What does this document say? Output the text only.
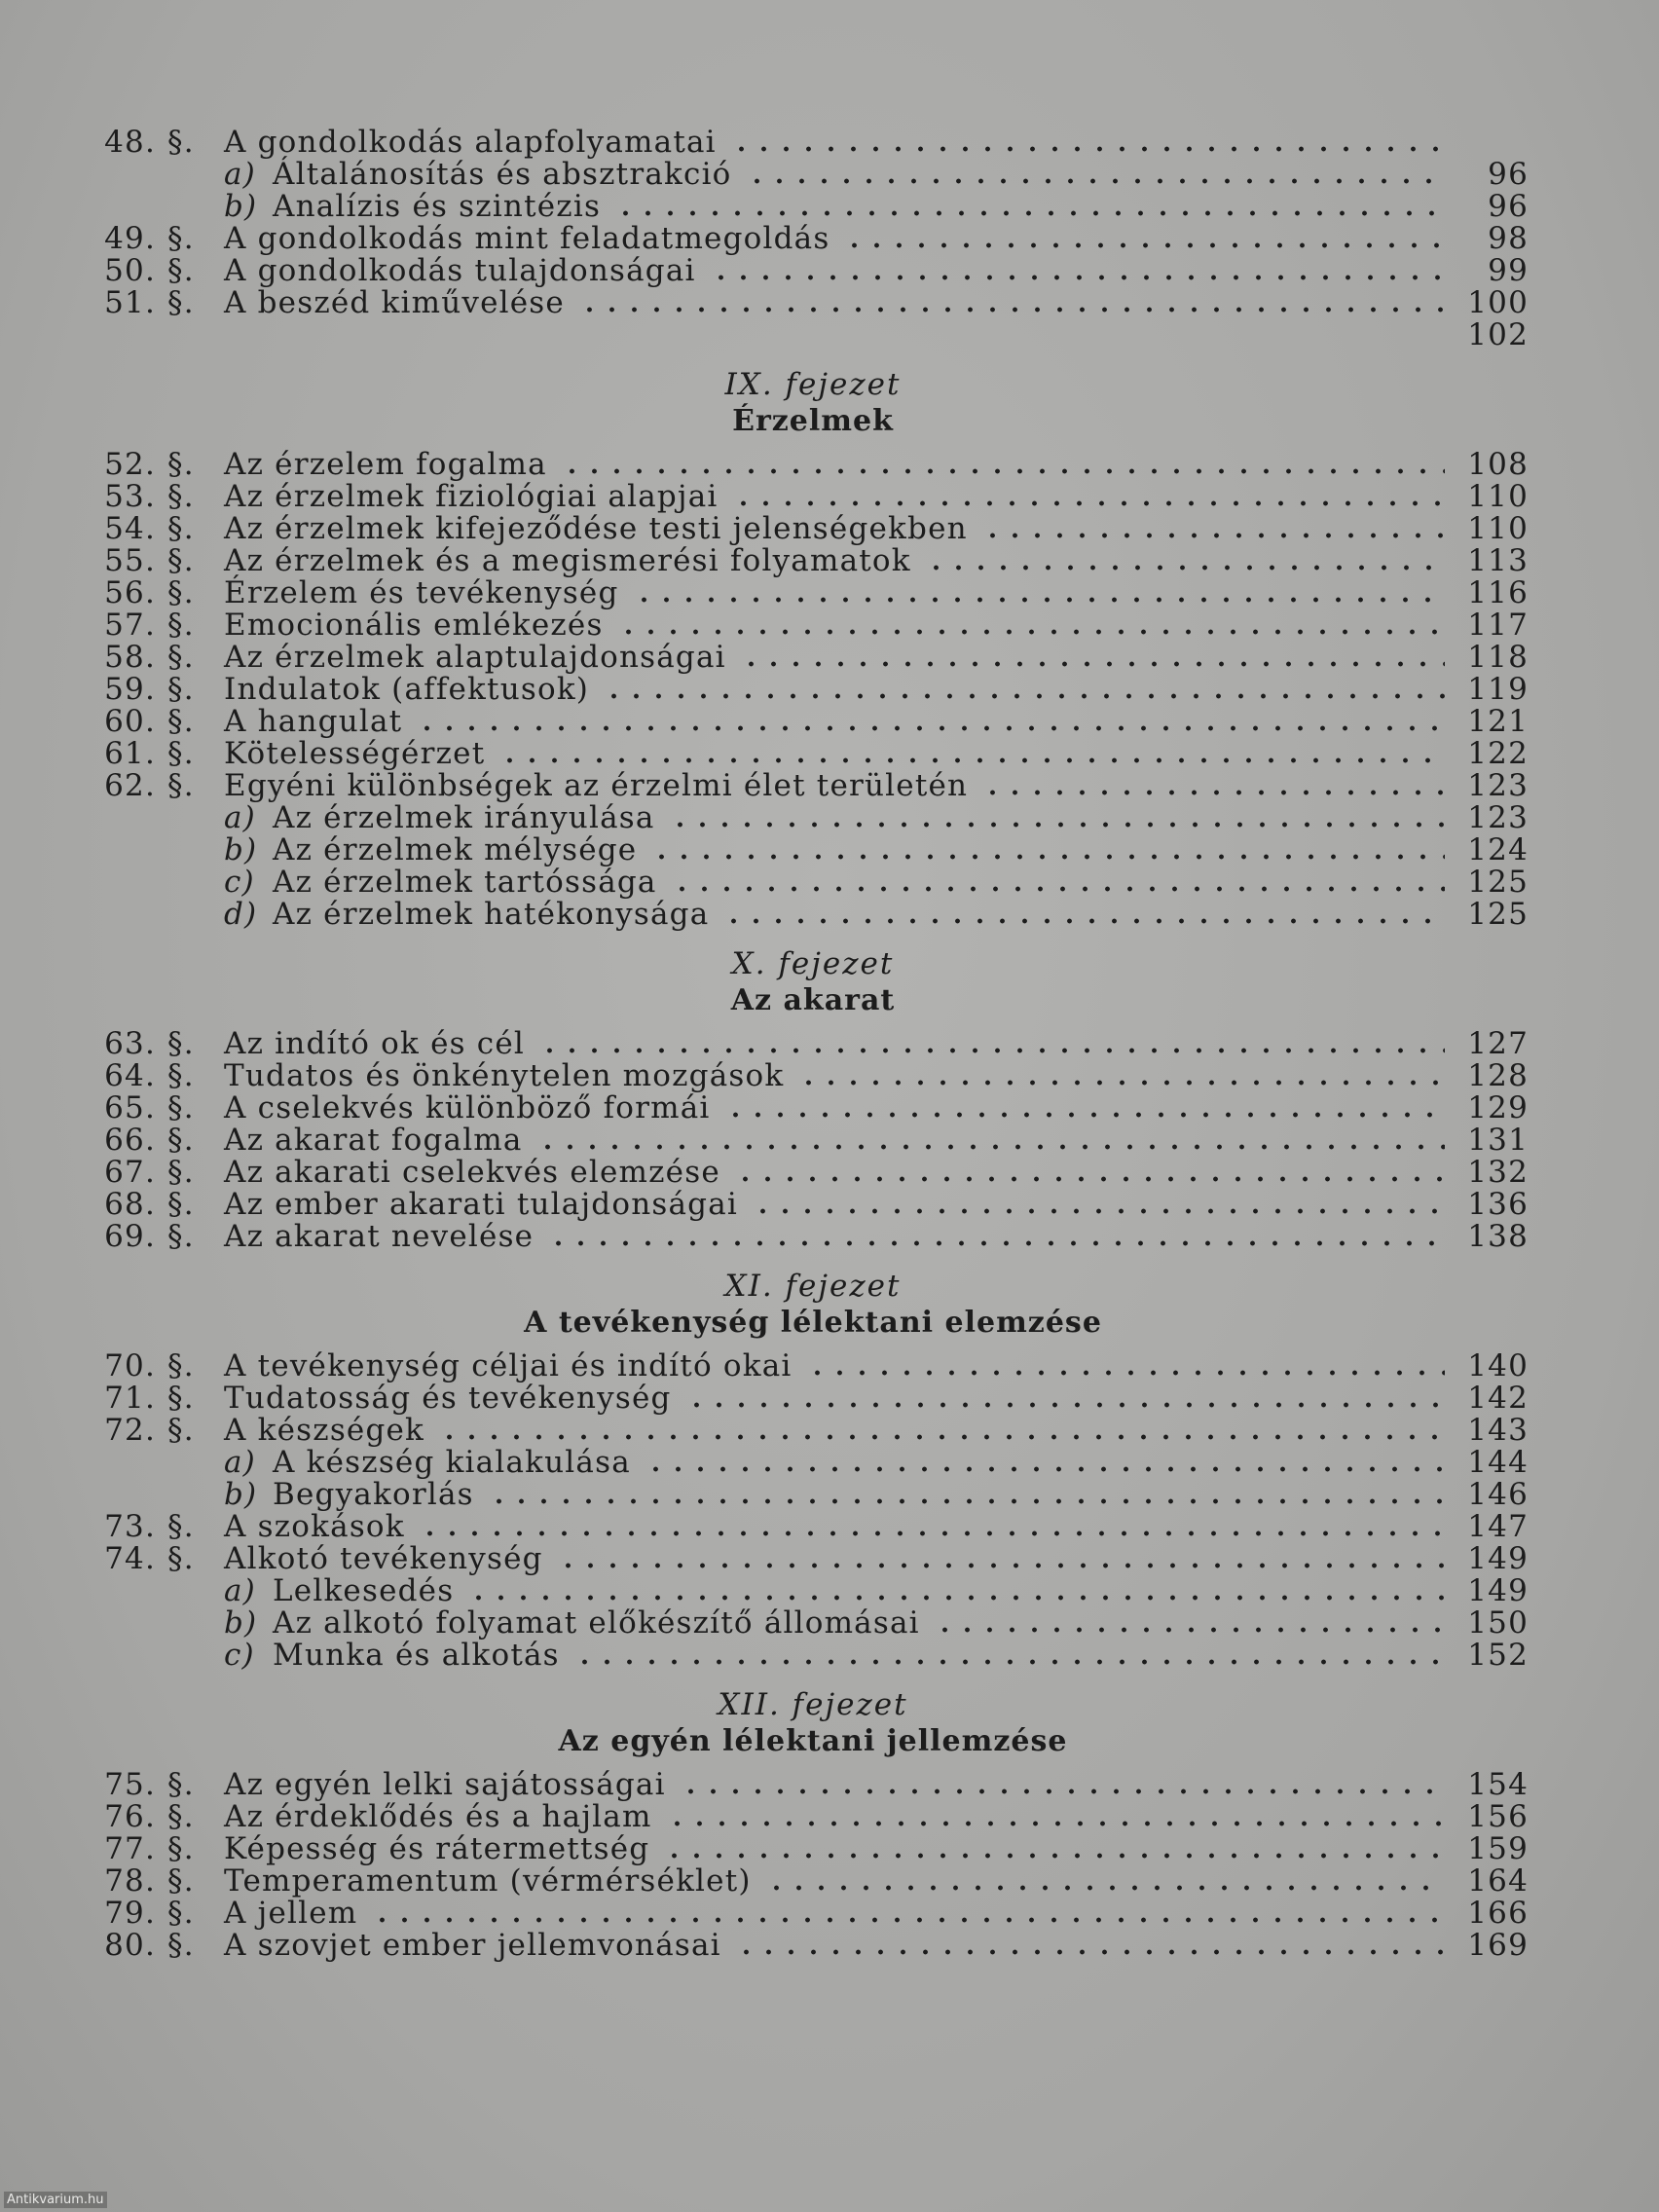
48. §. A gondolkodás alapfolyamatai
a) Általánosítás és absztrakció	96
b) Analízis és szintézis	96
49. §. A gondolkodás mint feladatmegoldás	98
50. §. A gondolkodás tulajdonságai	99
51. §. A beszéd kiművelése	100
102
IX. fejezet
Érzelmek
52. §. Az érzelem fogalma	108
53. §. Az érzelmek fiziológiai alapjai	110
54. §. Az érzelmek kifejeződése testi jelenségekben	110
55. §. Az érzelmek és a megismerési folyamatok	113
56. §. Érzelem és tevékenység	116
57. §. Emocionális emlékezés	117
58. §. Az érzelmek alaptulajdonságai	118
59. §. Indulatok (affektusok)	119
60. §. A hangulat	121
61. §. Kötelességérzet	122
62. §. Egyéni különbségek az érzelmi élet területén	123
a) Az érzelmek irányulása	123
b) Az érzelmek mélysége	124
c) Az érzelmek tartóssága	125
d) Az érzelmek hatékonysága	125
X. fejezet
Az akarat
63. §. Az indító ok és cél	127
64. §. Tudatos és önkénytelen mozgások	128
65. §. A cselekvés különböző formái	129
66. §. Az akarat fogalma	131
67. §. Az akarati cselekvés elemzése	132
68. §. Az ember akarati tulajdonságai	136
69. §. Az akarat nevelése	138
XI. fejezet
A tevékenység lélektani elemzése
70. §. A tevékenység céljai és indító okai	140
71. §. Tudatosság és tevékenység	142
72. §. A készségek	143
a) A készség kialakulása	144
b) Begyakorlás	146
73. §. A szokások	147
74. §. Alkotó tevékenység	149
a) Lelkesedés	149
b) Az alkotó folyamat előkészítő állomásai	150
c) Munka és alkotás	152
XII. fejezet
Az egyén lélektani jellemzése
75. §. Az egyén lelki sajátosságai	154
76. §. Az érdeklődés és a hajlam	156
77. §. Képesség és rátermettség	159
78. §. Temperamentum (vérmérséklet)	164
79. §. A jellem	166
80. §. A szovjet ember jellemvonásai	169
Antikvarium.hu
